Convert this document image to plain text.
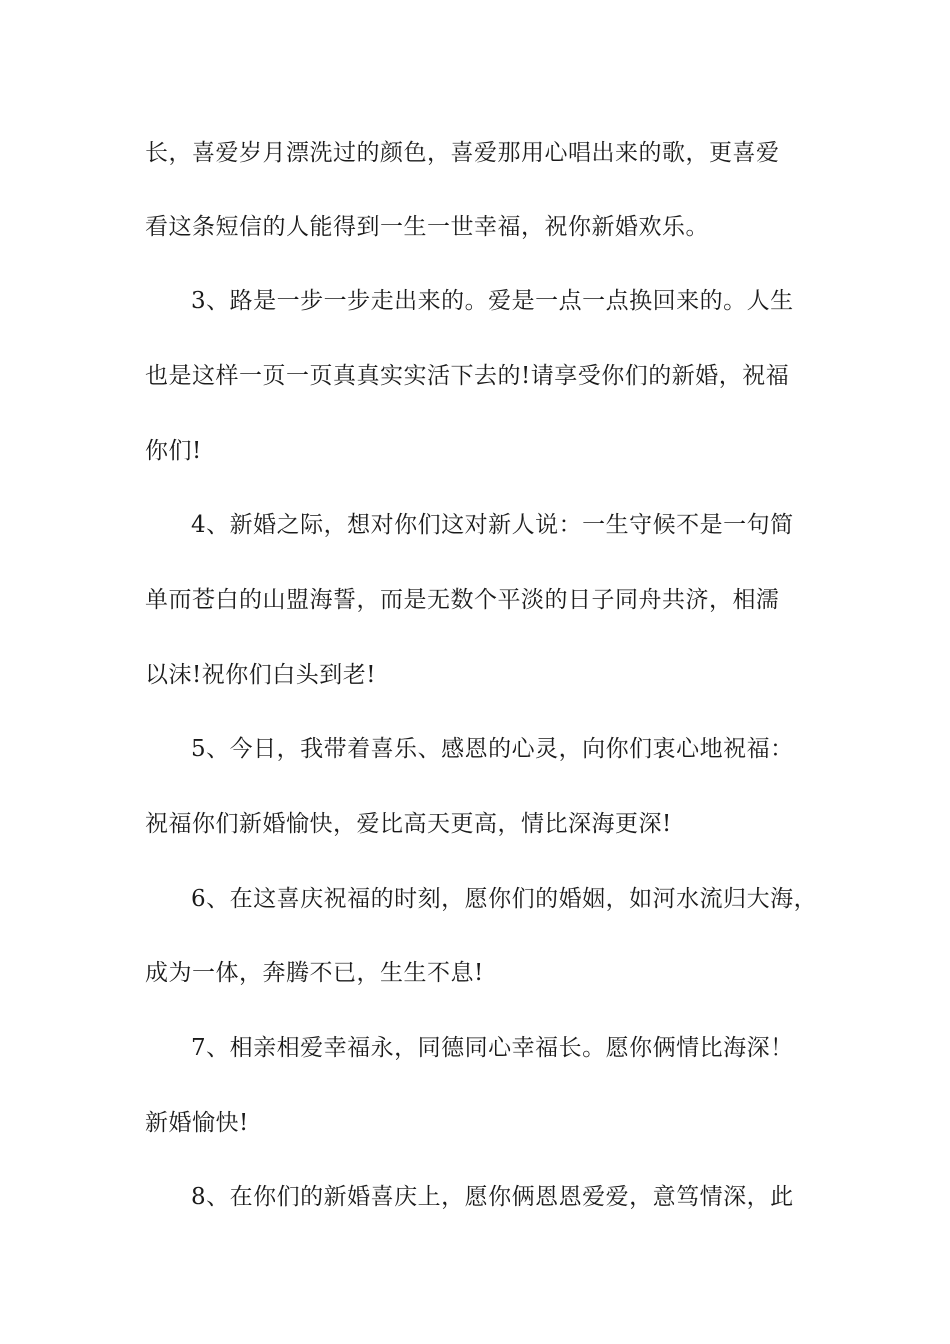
长，喜爱岁月漂洗过的颜色，喜爱那用心唱出来的歌，更喜爱
看这条短信的人能得到一生一世幸福，祝你新婚欢乐。
3、路是一步一步走出来的。爱是一点一点换回来的。人生
也是这样一页一页真真实实活下去的!请享受你们的新婚，祝福
你们!
4、新婚之际，想对你们这对新人说：一生守候不是一句简
单而苍白的山盟海誓，而是无数个平淡的日子同舟共济，相濡
以沫!祝你们白头到老!
5、今日，我带着喜乐、感恩的心灵，向你们衷心地祝福：
祝福你们新婚愉快，爱比高天更高，情比深海更深!
6、在这喜庆祝福的时刻，愿你们的婚姻，如河水流归大海，
成为一体，奔腾不已，生生不息!
7、相亲相爱幸福永，同德同心幸福长。愿你俩情比海深！
新婚愉快!
8、在你们的新婚喜庆上，愿你俩恩恩爱爱，意笃情深，此
